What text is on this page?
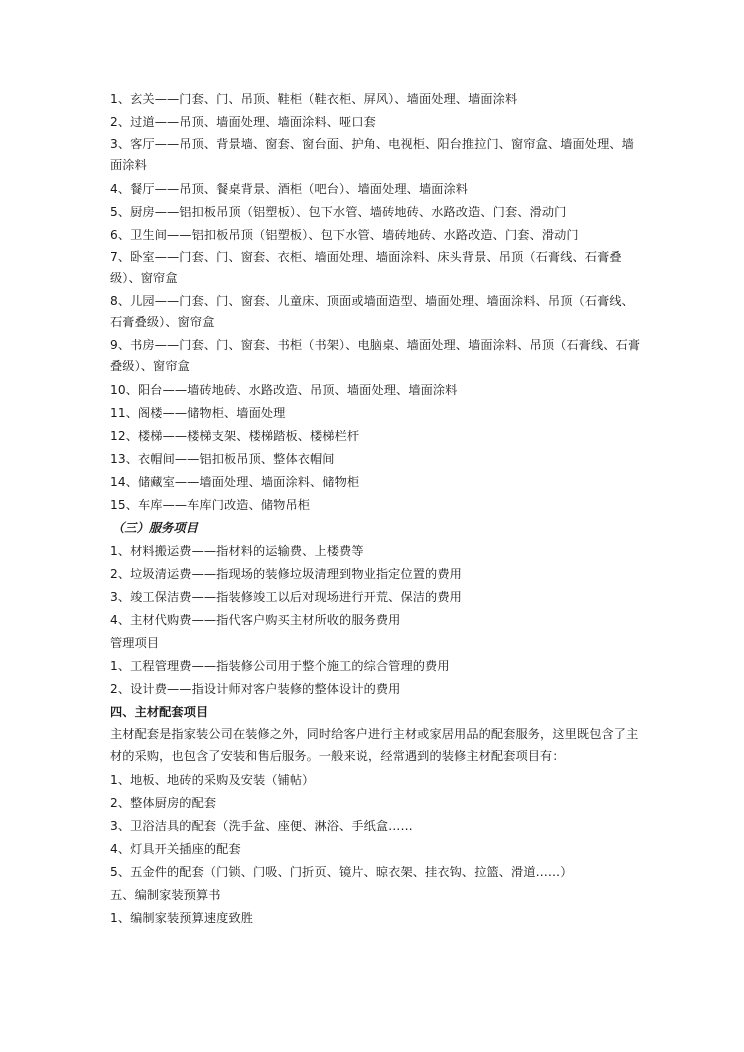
1、玄关——门套、门、吊顶、鞋柜（鞋衣柜、屏风）、墙面处理、墙面涂料
2、过道——吊顶、墙面处理、墙面涂料、哑口套
3、客厅——吊顶、背景墙、窗套、窗台面、护角、电视柜、阳台推拉门、窗帘盒、墙面处理、墙面涂料
4、餐厅——吊顶、餐桌背景、酒柜（吧台）、墙面处理、墙面涂料
5、厨房——铝扣板吊顶（铝塑板）、包下水管、墙砖地砖、水路改造、门套、滑动门
6、卫生间——铝扣板吊顶（铝塑板）、包下水管、墙砖地砖、水路改造、门套、滑动门
7、卧室——门套、门、窗套、衣柜、墙面处理、墙面涂料、床头背景、吊顶（石膏线、石膏叠级）、窗帘盒
8、儿园——门套、门、窗套、儿童床、顶面或墙面造型、墙面处理、墙面涂料、吊顶（石膏线、石膏叠级）、窗帘盒
9、书房——门套、门、窗套、书柜（书架）、电脑桌、墙面处理、墙面涂料、吊顶（石膏线、石膏叠级）、窗帘盒
10、阳台——墙砖地砖、水路改造、吊顶、墙面处理、墙面涂料
11、阁楼——储物柜、墙面处理
12、楼梯——楼梯支架、楼梯踏板、楼梯栏杆
13、衣帽间——铝扣板吊顶、整体衣帽间
14、储藏室——墙面处理、墙面涂料、储物柜
15、车库——车库门改造、储物吊柜
（三）服务项目
1、材料搬运费——指材料的运输费、上楼费等
2、垃圾清运费——指现场的装修垃圾清理到物业指定位置的费用
3、竣工保洁费——指装修竣工以后对现场进行开荒、保洁的费用
4、主材代购费——指代客户购买主材所收的服务费用
管理项目
1、工程管理费——指装修公司用于整个施工的综合管理的费用
2、设计费——指设计师对客户装修的整体设计的费用
四、主材配套项目
主材配套是指家装公司在装修之外，同时给客户进行主材或家居用品的配套服务，这里既包含了主材的采购，也包含了安装和售后服务。一般来说，经常遇到的装修主材配套项目有：
1、地板、地砖的采购及安装（铺帖）
2、整体厨房的配套
3、卫浴洁具的配套（洗手盆、座便、淋浴、手纸盒……
4、灯具开关插座的配套
5、五金件的配套（门锁、门吸、门折页、镜片、晾衣架、挂衣钩、拉篮、滑道……）
五、编制家装预算书
1、编制家装预算速度致胜
